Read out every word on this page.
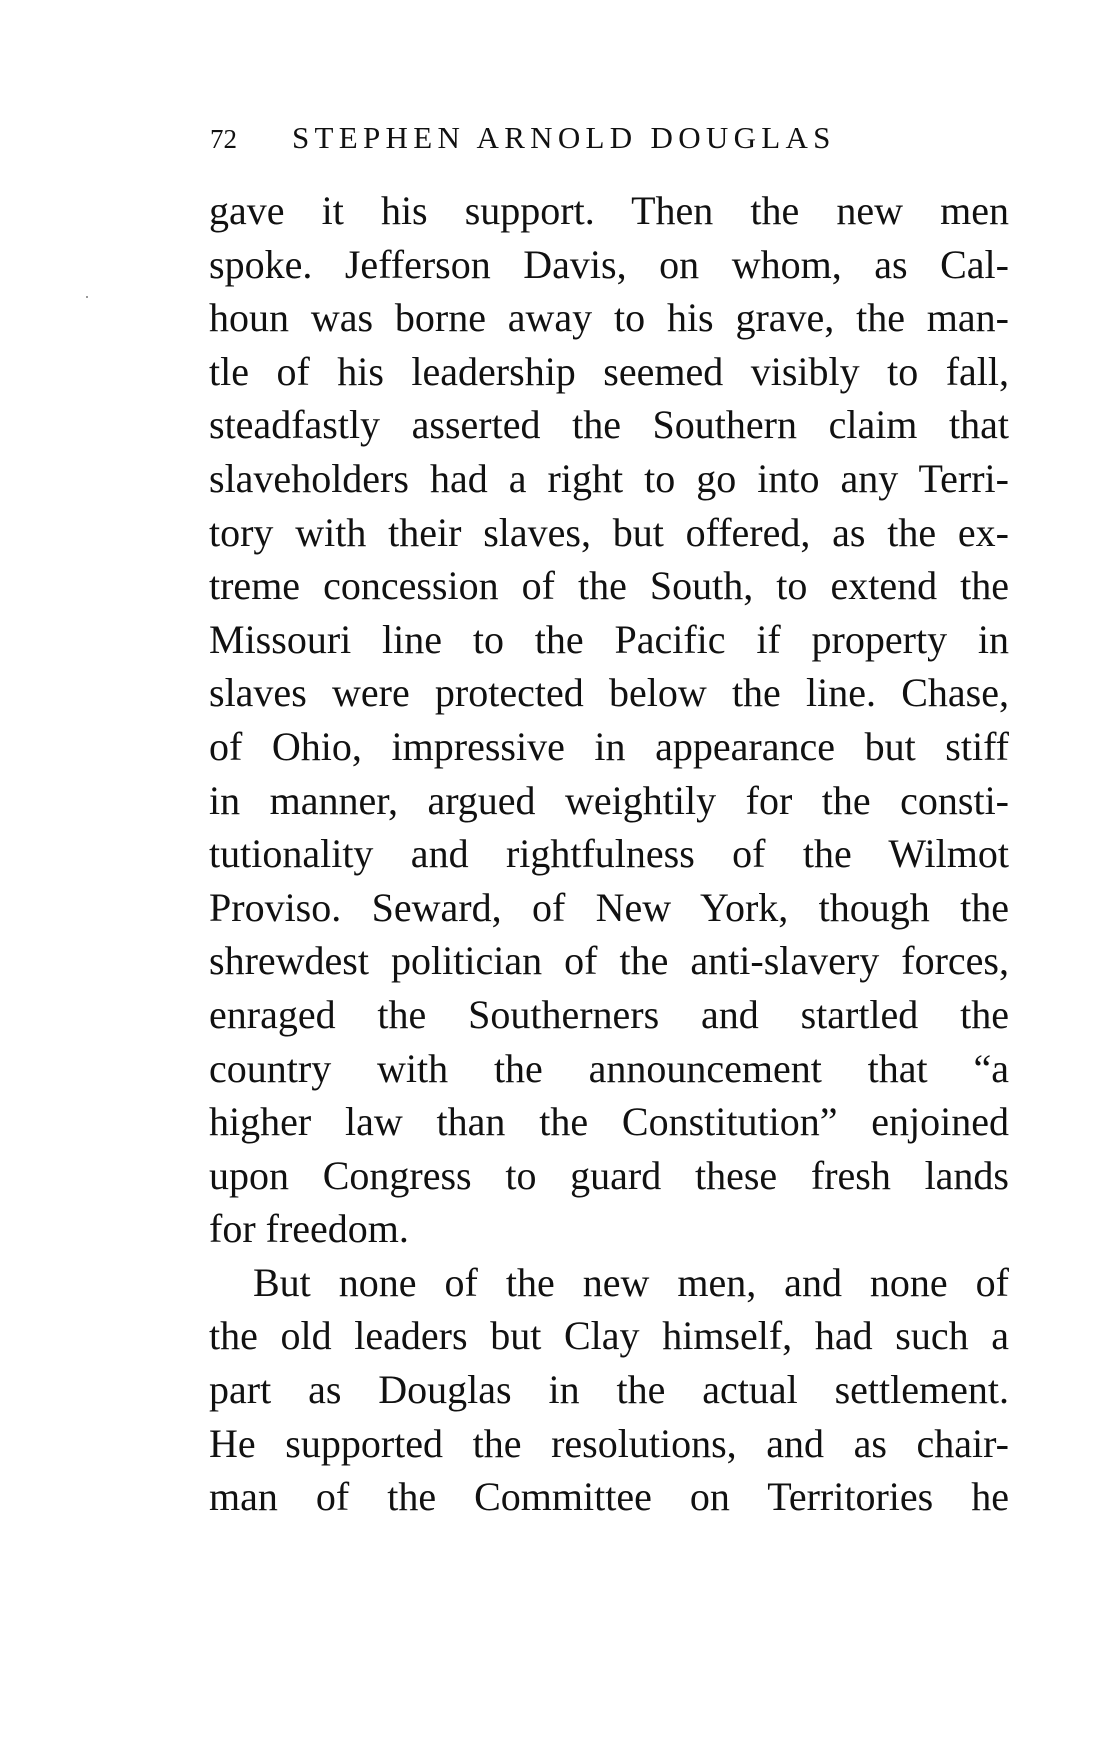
72	STEPHEN ARNOLD DOUGLAS
gave it his support. Then the new men
spoke. Jefferson Davis, on whom, as Cal-
houn was borne away to his grave, the man-
tle of his leadership seemed visibly to fall,
steadfastly asserted the Southern claim that
slaveholders had a right to go into any Terri-
tory with their slaves, but offered, as the ex-
treme concession of the South, to extend the
Missouri line to the Pacific if property in
slaves were protected below the line. Chase,
of Ohio, impressive in appearance but stiff
in manner, argued weightily for the consti-
tutionality and rightfulness of the Wilmot
Proviso. Seward, of New York, though the
shrewdest politician of the anti-slavery forces,
enraged the Southerners and startled the
country with the announcement that “a
higher law than the Constitution” enjoined
upon Congress to guard these fresh lands
for freedom.
But none of the new men, and none of
the old leaders but Clay himself, had such a
part as Douglas in the actual settlement.
He supported the resolutions, and as chair-
man of the Committee on Territories he
